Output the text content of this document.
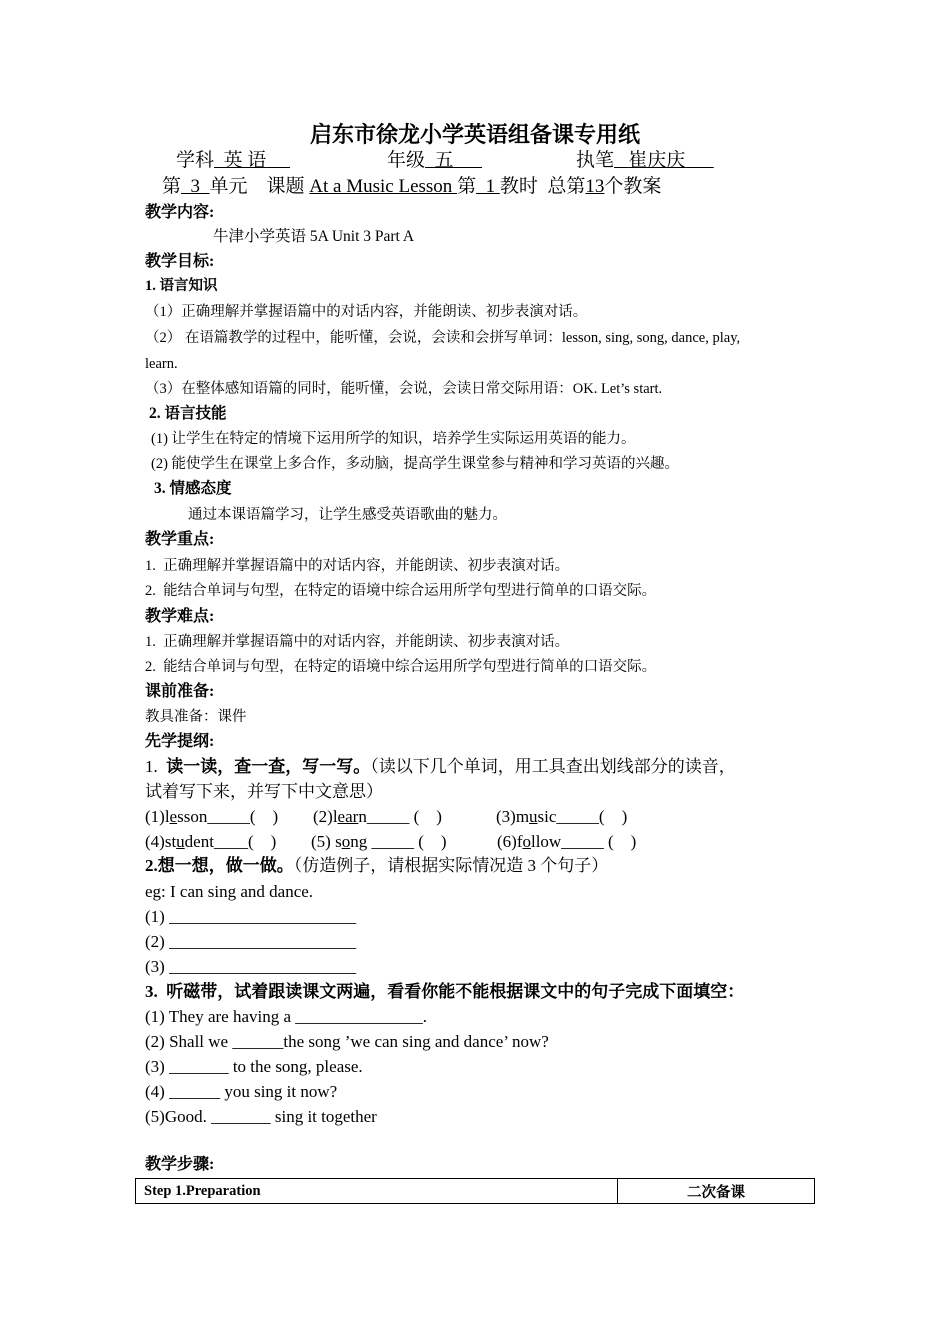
启东市徐龙小学英语组备课专用纸
学科 英 语	年级 五	执笔 崔庆庆
第 3 单元 课题 At a Music Lesson 第 1 教时 总第13个教案
教学内容:
牛津小学英语 5A Unit 3 Part A
教学目标:
1. 语言知识
（1）正确理解并掌握语篇中的对话内容，并能朗读、初步表演对话。
（2） 在语篇教学的过程中，能听懂，会说，会读和会拼写单词：lesson, sing, song, dance, play,
learn.
（3）在整体感知语篇的同时，能听懂，会说，会读日常交际用语：OK. Let’s start.
2. 语言技能
(1) 让学生在特定的情境下运用所学的知识，培养学生实际运用英语的能力。
(2) 能使学生在课堂上多合作，多动脑，提高学生课堂参与精神和学习英语的兴趣。
3. 情感态度
通过本课语篇学习，让学生感受英语歌曲的魅力。
教学重点:
1.  正确理解并掌握语篇中的对话内容，并能朗读、初步表演对话。
2.  能结合单词与句型，在特定的语境中综合运用所学句型进行简单的口语交际。
教学难点:
1.  正确理解并掌握语篇中的对话内容，并能朗读、初步表演对话。
2.  能结合单词与句型，在特定的语境中综合运用所学句型进行简单的口语交际。
课前准备:
教具准备：课件
先学提纲:
1.  读一读，查一查，写一写。（读以下几个单词，用工具查出划线部分的读音，
试着写下来，并写下中文意思）
(1)lesson_____(    ) (2)learn_____ (    )	(3)music_____(    )
(4)student____(    ) (5) song _____ (    )	(6)follow_____ (    )
2.想一想，做一做。（仿造例子，请根据实际情况造 3 个句子）
eg: I can sing and dance.
(1) ______________________
(2) ______________________
(3) ______________________
3.  听磁带，试着跟读课文两遍，看看你能不能根据课文中的句子完成下面填空：
(1) They are having a _______________.
(2) Shall we ______the song ’we can sing and dance’ now?
(3) _______ to the song, please.
(4) ______ you sing it now?
(5)Good. _______ sing it together
教学步骤:
Step 1.Preparation	二次备课
